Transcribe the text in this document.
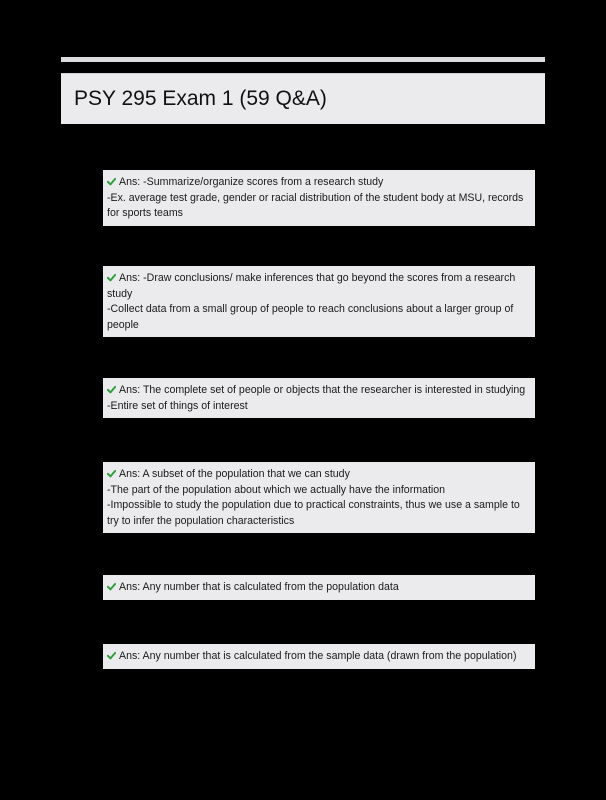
PSY 295 Exam 1 (59 Q&A)
Ans: -Summarize/organize scores from a research study
-Ex. average test grade, gender or racial distribution of the student body at MSU, records for sports teams
Ans: -Draw conclusions/ make inferences that go beyond the scores from a research study
-Collect data from a small group of people to reach conclusions about a larger group of people
Ans: The complete set of people or objects that the researcher is interested in studying
-Entire set of things of interest
Ans: A subset of the population that we can study
-The part of the population about which we actually have the information
-Impossible to study the population due to practical constraints, thus we use a sample to try to infer the population characteristics
Ans: Any number that is calculated from the population data
Ans: Any number that is calculated from the sample data (drawn from the population)
